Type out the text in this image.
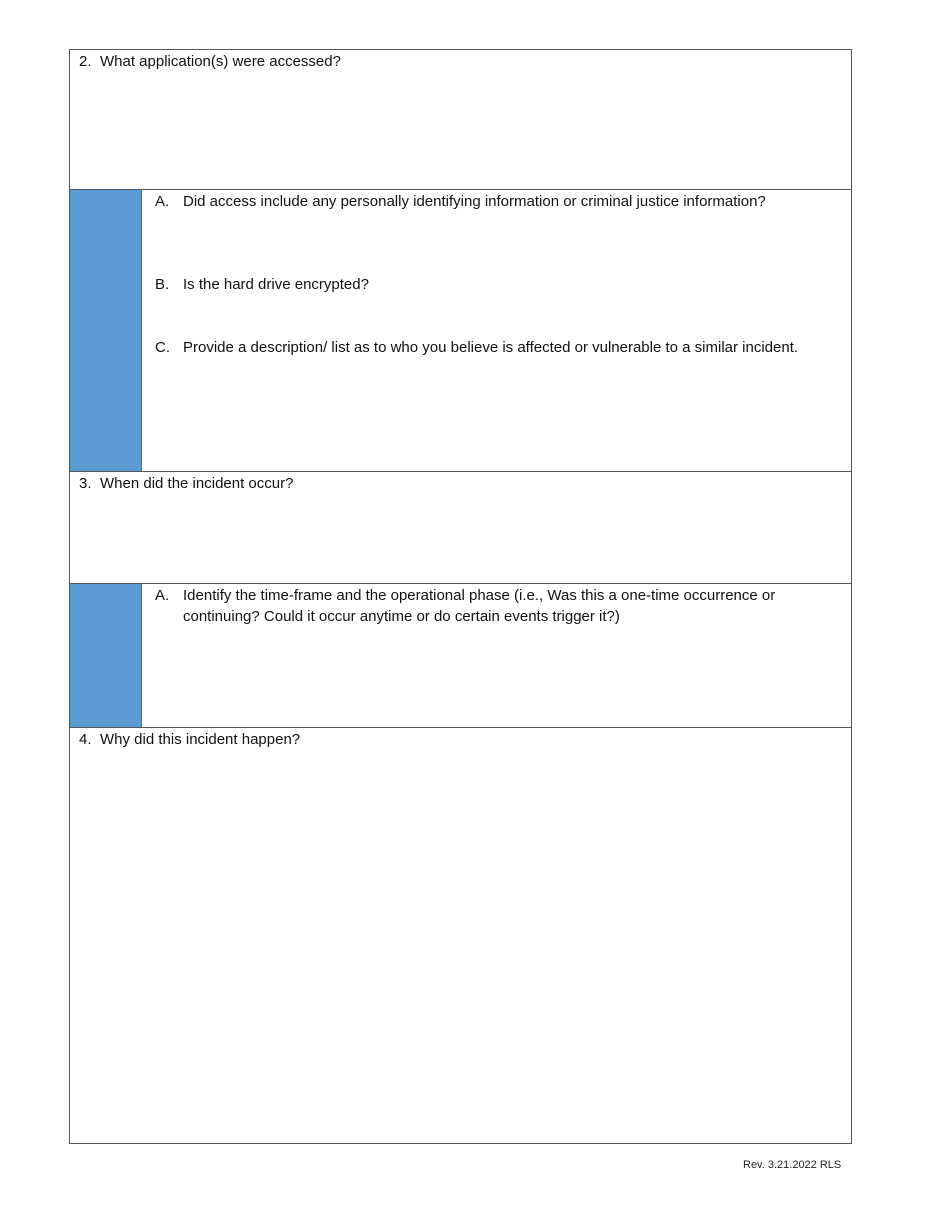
2. What application(s) were accessed?
A. Did access include any personally identifying information or criminal justice information?
B. Is the hard drive encrypted?
C. Provide a description/ list as to who you believe is affected or vulnerable to a similar incident.
3. When did the incident occur?
A. Identify the time-frame and the operational phase (i.e., Was this a one-time occurrence or continuing? Could it occur anytime or do certain events trigger it?)
4. Why did this incident happen?
Rev. 3.21.2022 RLS
